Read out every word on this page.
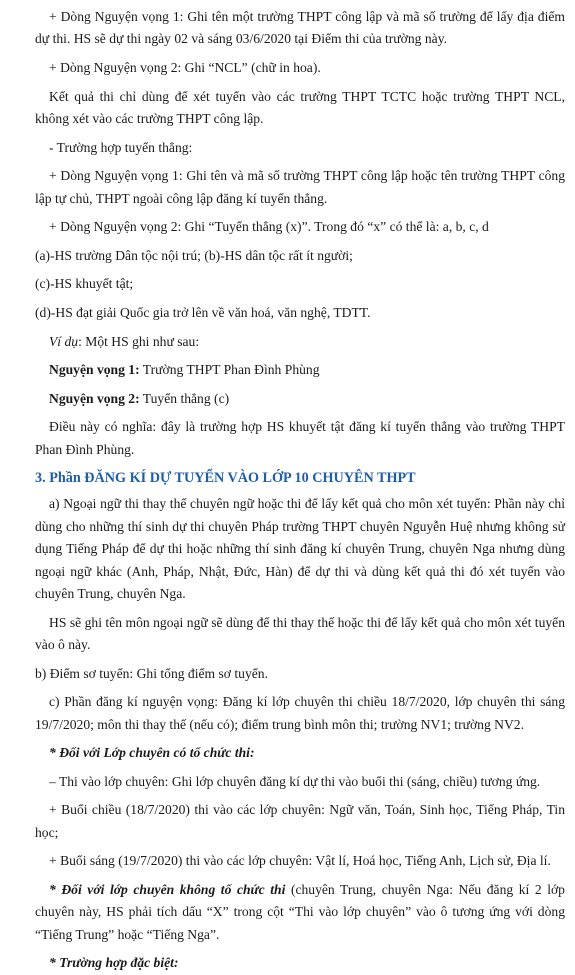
+ Dòng Nguyện vọng 1: Ghi tên một trường THPT công lập và mã số trường để lấy địa điểm dự thi. HS sẽ dự thi ngày 02 và sáng 03/6/2020 tại Điểm thi của trường này.

+ Dòng Nguyện vọng 2: Ghi “NCL” (chữ in hoa).

Kết quả thi chỉ dùng để xét tuyển vào các trường THPT TCTC hoặc trường THPT NCL, không xét vào các trường THPT công lập.

- Trường hợp tuyển thẳng:

+ Dòng Nguyện vọng 1: Ghi tên và mã số trường THPT công lập hoặc tên trường THPT công lập tự chủ, THPT ngoài công lập đăng kí tuyển thẳng.

+ Dòng Nguyện vọng 2: Ghi “Tuyển thẳng (x)”. Trong đó “x” có thể là: a, b, c, d

(a)-HS trường Dân tộc nội trú; (b)-HS dân tộc rất ít người;

(c)-HS khuyết tật;

(d)-HS đạt giải Quốc gia trở lên về văn hoá, văn nghệ, TDTT.

Ví dụ: Một HS ghi như sau:

Nguyện vọng 1: Trường THPT Phan Đình Phùng

Nguyện vọng 2: Tuyển thẳng (c)

Điều này có nghĩa: đây là trường hợp HS khuyết tật đăng kí tuyển thẳng vào trường THPT Phan Đình Phùng.

3. Phần ĐĂNG KÍ DỰ TUYỂN VÀO LỚP 10 CHUYÊN THPT

a) Ngoại ngữ thi thay thế chuyên ngữ hoặc thi để lấy kết quả cho môn xét tuyển: Phần này chỉ dùng cho những thí sinh dự thi chuyên Pháp trường THPT chuyên Nguyễn Huệ nhưng không sử dụng Tiếng Pháp để dự thi hoặc những thí sinh đăng kí chuyên Trung, chuyên Nga nhưng dùng ngoại ngữ khác (Anh, Pháp, Nhật, Đức, Hàn) để dự thi và dùng kết quả thi đó xét tuyển vào chuyên Trung, chuyên Nga.

HS sẽ ghi tên môn ngoại ngữ sẽ dùng để thi thay thế hoặc thi để lấy kết quả cho môn xét tuyển vào ô này.

b) Điểm sơ tuyển: Ghi tổng điểm sơ tuyển.

c) Phần đăng kí nguyện vọng: Đăng kí lớp chuyên thi chiều 18/7/2020, lớp chuyên thi sáng 19/7/2020; môn thi thay thế (nếu có); điểm trung bình môn thi; trường NV1; trường NV2.

* Đối với Lớp chuyên có tổ chức thi:

– Thi vào lớp chuyên: Ghi lớp chuyên đăng kí dự thi vào buổi thi (sáng, chiều) tương ứng.

+ Buổi chiều (18/7/2020) thi vào các lớp chuyên: Ngữ văn, Toán, Sinh học, Tiếng Pháp, Tin học;

+ Buổi sáng (19/7/2020) thi vào các lớp chuyên: Vật lí, Hoá học, Tiếng Anh, Lịch sử, Địa lí.

* Đối với lớp chuyên không tổ chức thi (chuyên Trung, chuyên Nga: Nếu đăng kí 2 lớp chuyên này, HS phải tích dấu “X” trong cột “Thi vào lớp chuyên” vào ô tương ứng với dòng “Tiếng Trung” hoặc “Tiếng Nga”.

* Trường hợp đặc biệt:
